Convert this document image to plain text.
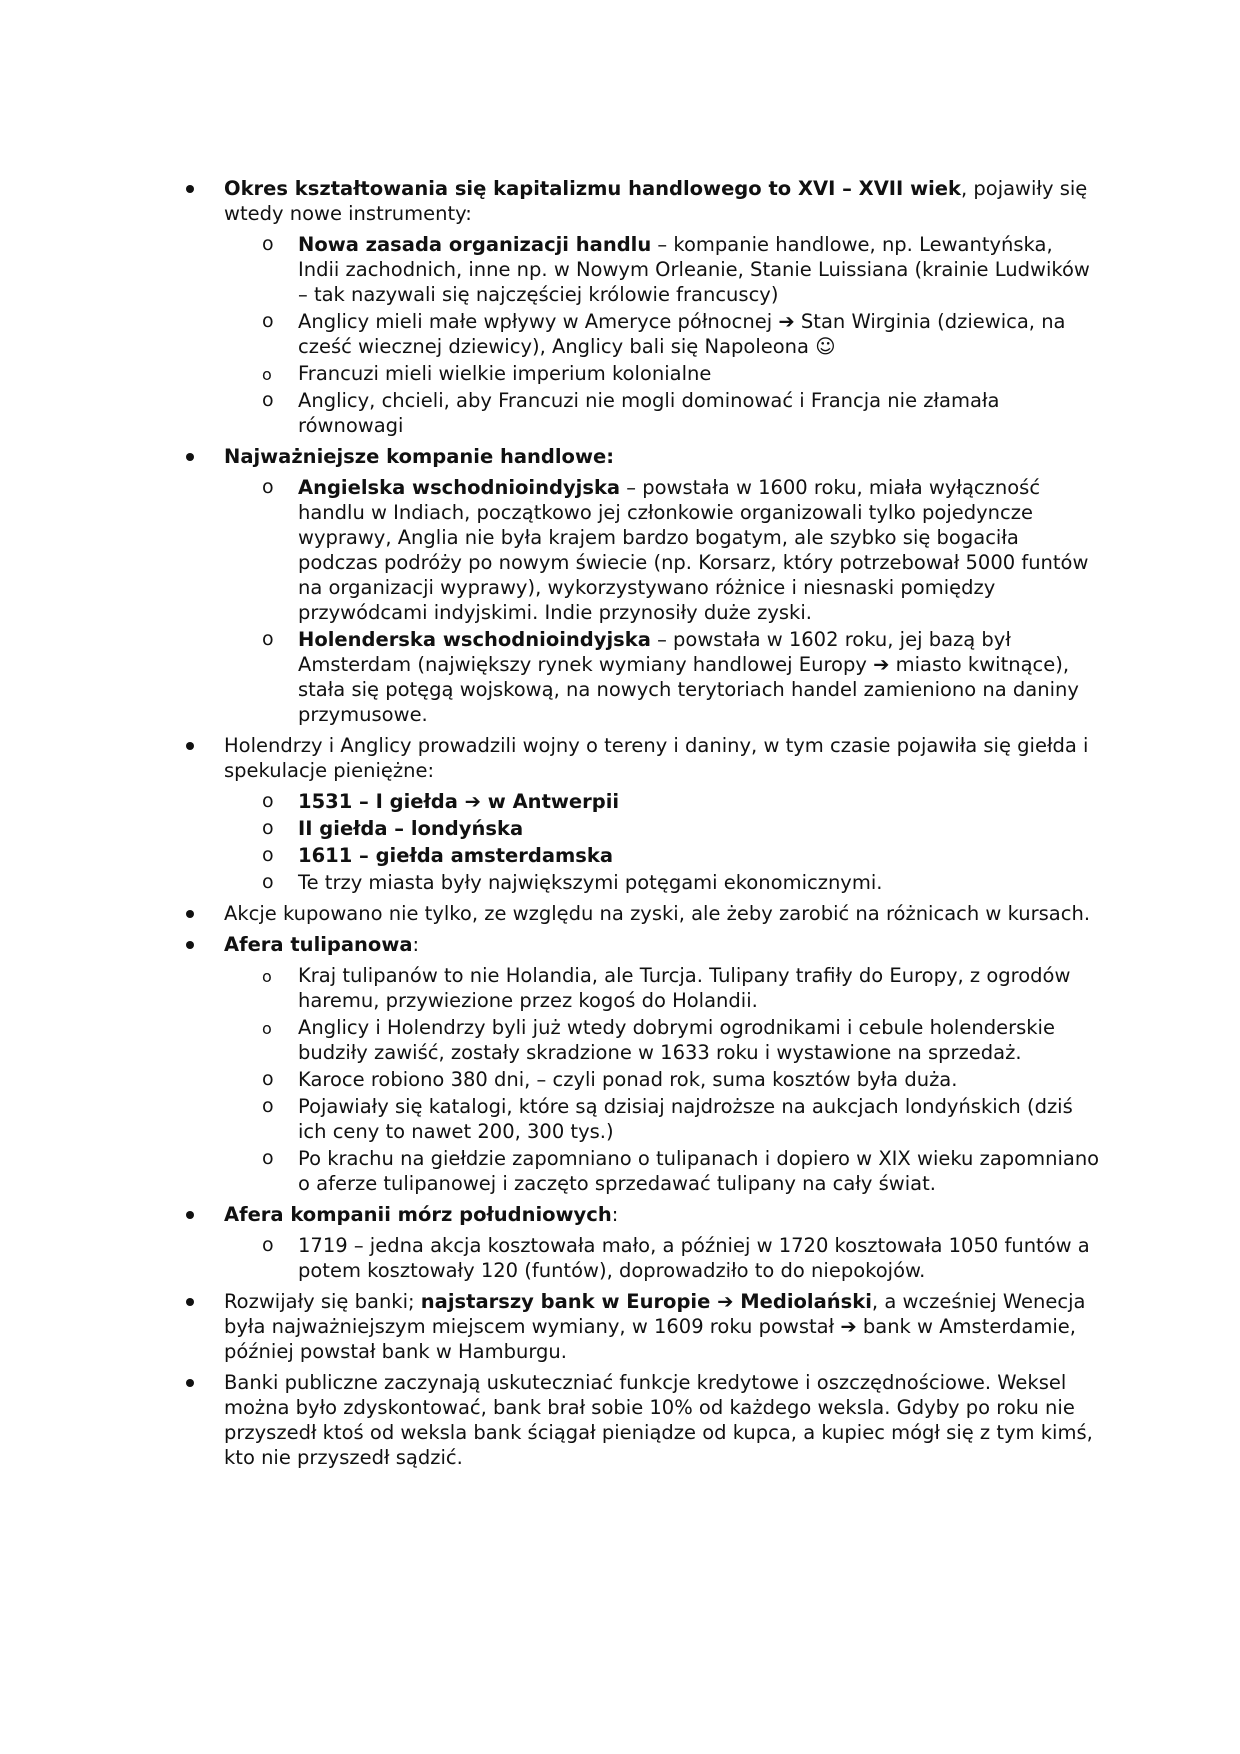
Okres kształtowania się kapitalizmu handlowego to XVI – XVII wiek, pojawiły się wtedy nowe instrumenty:
o Nowa zasada organizacji handlu – kompanie handlowe, np. Lewantyńska, Indii zachodnich, inne np. w Nowym Orleanie, Stanie Luissiana (krainie Ludwików – tak nazywali się najczęściej królowie francuscy)
o Anglicy mieli małe wpływy w Ameryce północnej ➔ Stan Wirginia (dziewica, na cześć wiecznej dziewicy), Anglicy bali się Napoleona ☺
o Francuzi mieli wielkie imperium kolonialne
o Anglicy, chcieli, aby Francuzi nie mogli dominować i Francja nie złamała równowagi
Najważniejsze kompanie handlowe:
o Angielska wschodnioindyjska – powstała w 1600 roku, miała wyłączność handlu w Indiach, początkowo jej członkowie organizowali tylko pojedyncze wyprawy, Anglia nie była krajem bardzo bogatym, ale szybko się bogaciła podczas podróży po nowym świecie (np. Korsarz, który potrzebował 5000 funtów na organizacji wyprawy), wykorzystywano różnice i niesnaski pomiędzy przywódcami indyjskimi. Indie przynosiły duże zyski.
o Holenderska wschodnioindyjska – powstała w 1602 roku, jej bazą był Amsterdam (największy rynek wymiany handlowej Europy ➔ miasto kwitnące), stała się potęgą wojskową, na nowych terytoriach handel zamieniono na daniny przymusowe.
Holendrzy i Anglicy prowadzili wojny o tereny i daniny, w tym czasie pojawiła się giełda i spekulacje pieniężne:
o 1531 – I giełda ➔ w Antwerpii
o II giełda – londyńska
o 1611 – giełda amsterdamska
o Te trzy miasta były największymi potęgami ekonomicznymi.
Akcje kupowano nie tylko, ze względu na zyski, ale żeby zarobić na różnicach w kursach.
Afera tulipanowa:
o Kraj tulipanów to nie Holandia, ale Turcja. Tulipany trafiły do Europy, z ogrodów haremu, przywiezione przez kogoś do Holandii.
o Anglicy i Holendrzy byli już wtedy dobrymi ogrodnikami i cebule holenderskie budziły zawiść, zostały skradzione w 1633 roku i wystawione na sprzedaż.
o Karoce robiono 380 dni, – czyli ponad rok, suma kosztów była duża.
o Pojawiały się katalogi, które są dzisiaj najdroższe na aukcjach londyńskich (dziś ich ceny to nawet 200, 300 tys.)
o Po krachu na giełdzie zapomniano o tulipanach i dopiero w XIX wieku zapomniano o aferze tulipanowej i zaczęto sprzedawać tulipany na cały świat.
Afera kompanii mórz południowych:
o 1719 – jedna akcja kosztowała mało, a później w 1720 kosztowała 1050 funtów a potem kosztowały 120 (funtów), doprowadziło to do niepokojów.
Rozwijały się banki; najstarszy bank w Europie ➔ Mediolański, a wcześniej Wenecja była najważniejszym miejscem wymiany, w 1609 roku powstał ➔ bank w Amsterdamie, później powstał bank w Hamburgu.
Banki publiczne zaczynają uskuteczniać funkcje kredytowe i oszczędnościowe. Weksel można było zdyskontować, bank brał sobie 10% od każdego weksla. Gdyby po roku nie przyszedł ktoś od weksla bank ściągał pieniądze od kupca, a kupiec mógł się z tym kimś, kto nie przyszedł sądzić.
